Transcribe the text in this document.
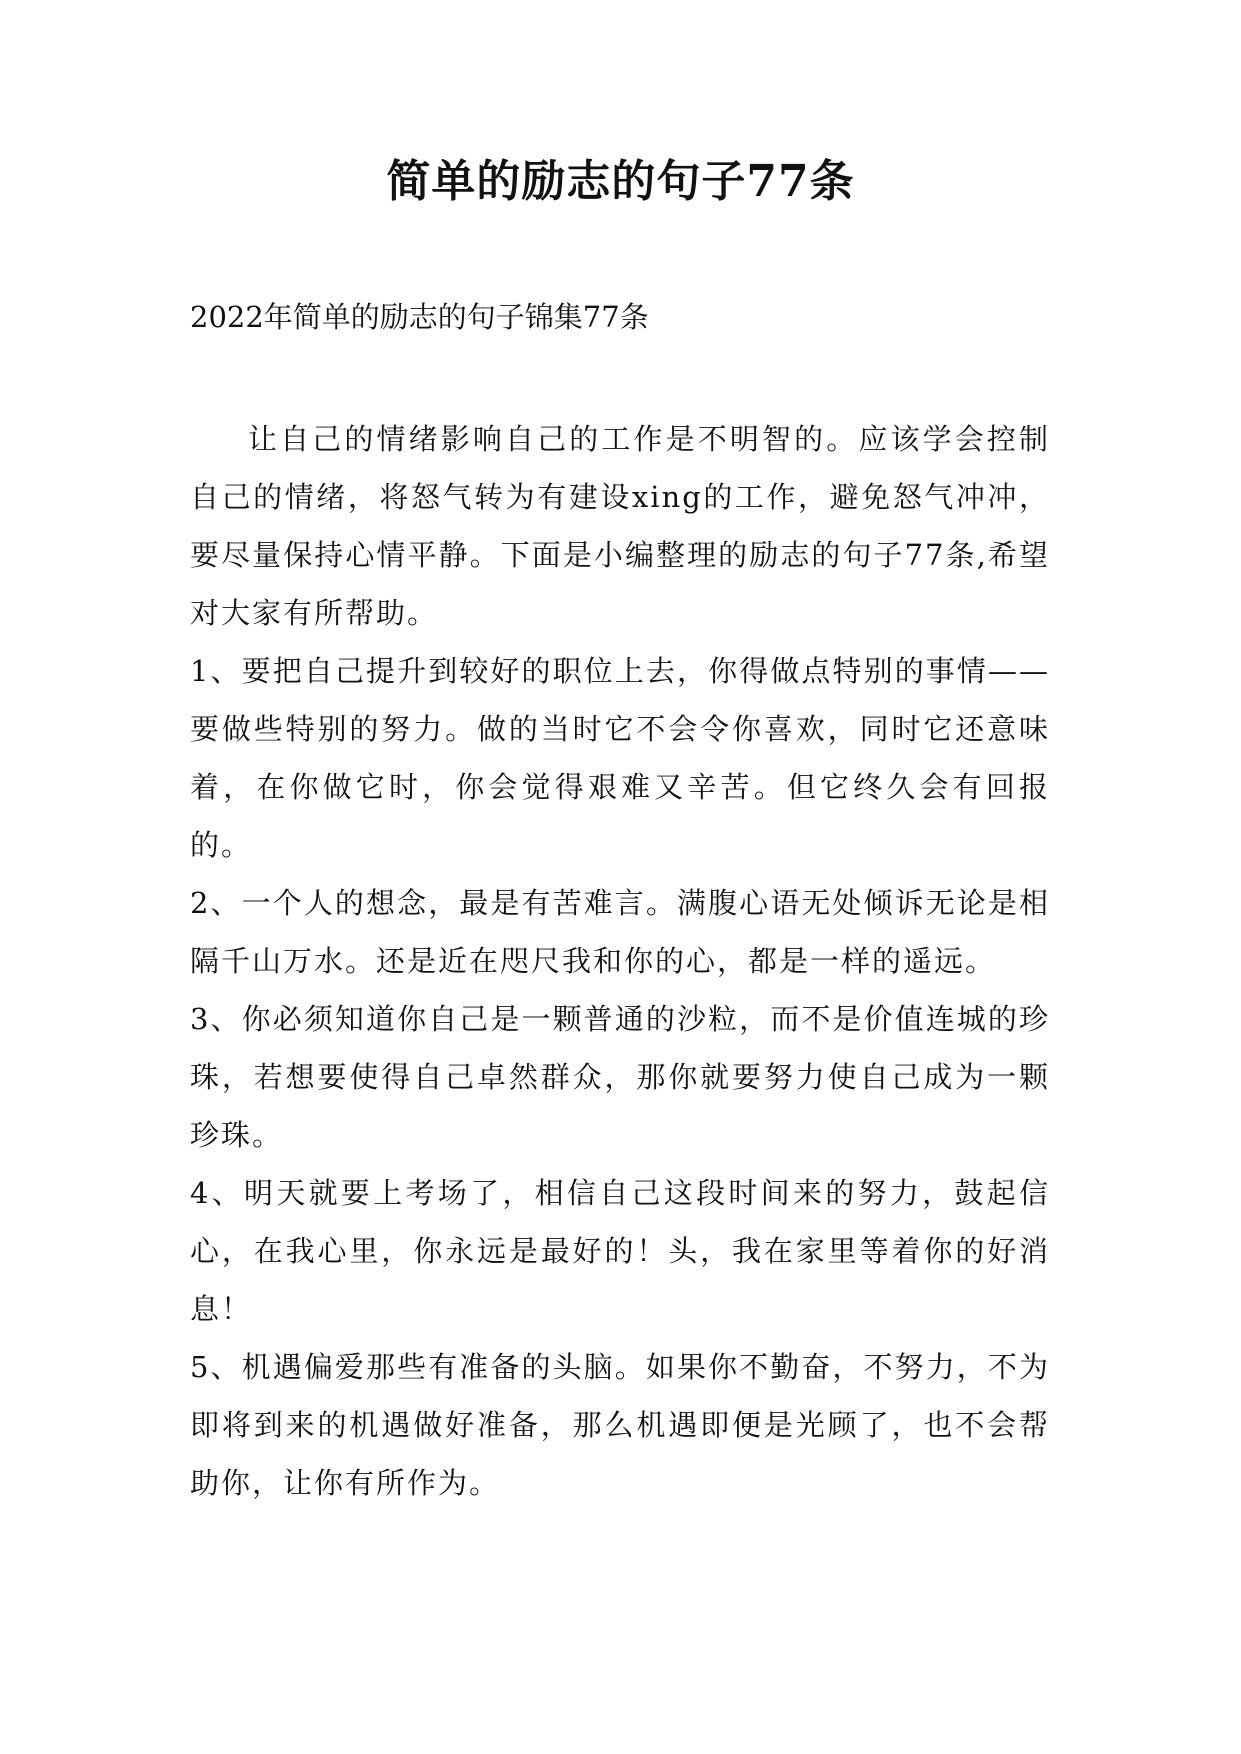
简单的励志的句子77条

2022年简单的励志的句子锦集77条

让自己的情绪影响自己的工作是不明智的。应该学会控制自己的情绪，将怒气转为有建设xing的工作，避免怒气冲冲，要尽量保持心情平静。下面是小编整理的励志的句子77条,希望对大家有所帮助。

1、要把自己提升到较好的职位上去，你得做点特别的事情——要做些特别的努力。做的当时它不会令你喜欢，同时它还意味着，在你做它时，你会觉得艰难又辛苦。但它终久会有回报的。

2、一个人的想念，最是有苦难言。满腹心语无处倾诉无论是相隔千山万水。还是近在咫尺我和你的心，都是一样的遥远。

3、你必须知道你自己是一颗普通的沙粒，而不是价值连城的珍珠，若想要使得自己卓然群众，那你就要努力使自己成为一颗珍珠。

4、明天就要上考场了，相信自己这段时间来的努力，鼓起信心，在我心里，你永远是最好的！头，我在家里等着你的好消息！

5、机遇偏爱那些有准备的头脑。如果你不勤奋，不努力，不为即将到来的机遇做好准备，那么机遇即便是光顾了，也不会帮助你，让你有所作为。
